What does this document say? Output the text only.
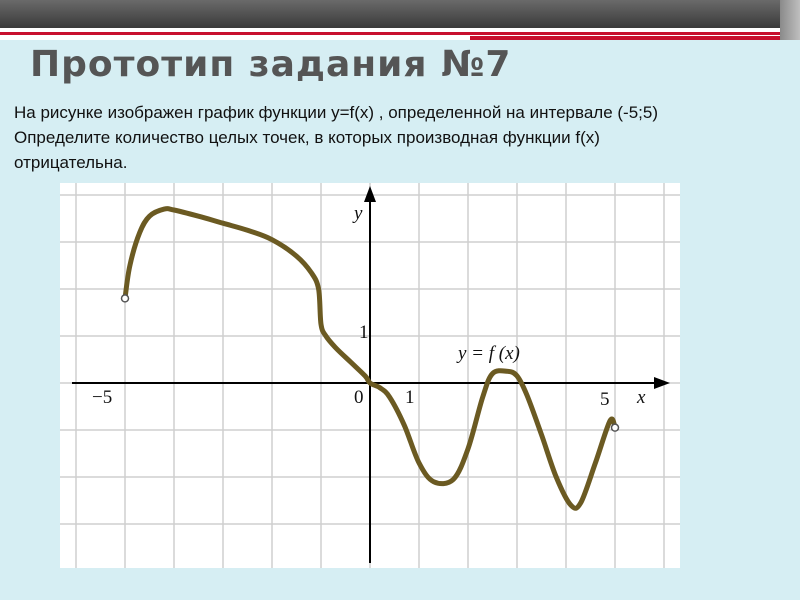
Прототип задания №7
На рисунке изображен график функции y=f(x) , определенной на интервале (-5;5)
Определите количество целых точек, в которых производная функции f(x)
отрицательна.
y
x
0 1
1
−5	5
y = f (x)
